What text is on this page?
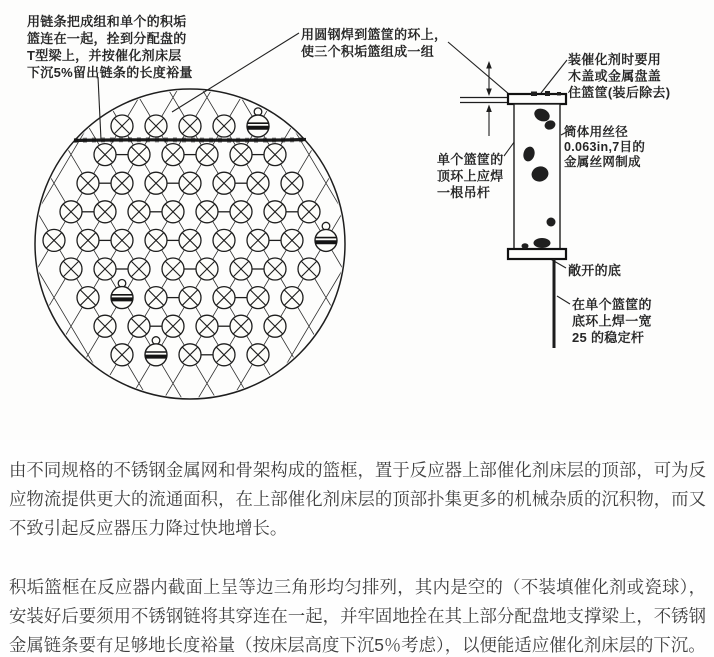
用链条把成组和单个的积垢
篮连在一起，拴到分配盘的
T型梁上，并按催化剂床层
下沉5%留出链条的长度裕量
用圆钢焊到篮筐的环上，
使三个积垢篮组成一组
装催化剂时要用
木盖或金属盘盖
住篮筐(装后除去)
筒体用丝径
0.063in,7目的
金属丝网制成
单个篮筐的
顶环上应焊
一根吊杆
敞开的底
在单个篮筐的
底环上焊一宽
25 的稳定杆

由不同规格的不锈钢金属网和骨架构成的篮框，置于反应器上部催化剂床层的顶部，可为反应物流提供更大的流通面积，在上部催化剂床层的顶部扑集更多的机械杂质的沉积物，而又不致引起反应器压力降过快地增长。

积垢篮框在反应器内截面上呈等边三角形均匀排列，其内是空的（不装填催化剂或瓷球），安装好后要须用不锈钢链将其穿连在一起，并牢固地拴在其上部分配盘地支撑梁上，不锈钢金属链条要有足够地长度裕量（按床层高度下沉5％考虑），以便能适应催化剂床层的下沉。
